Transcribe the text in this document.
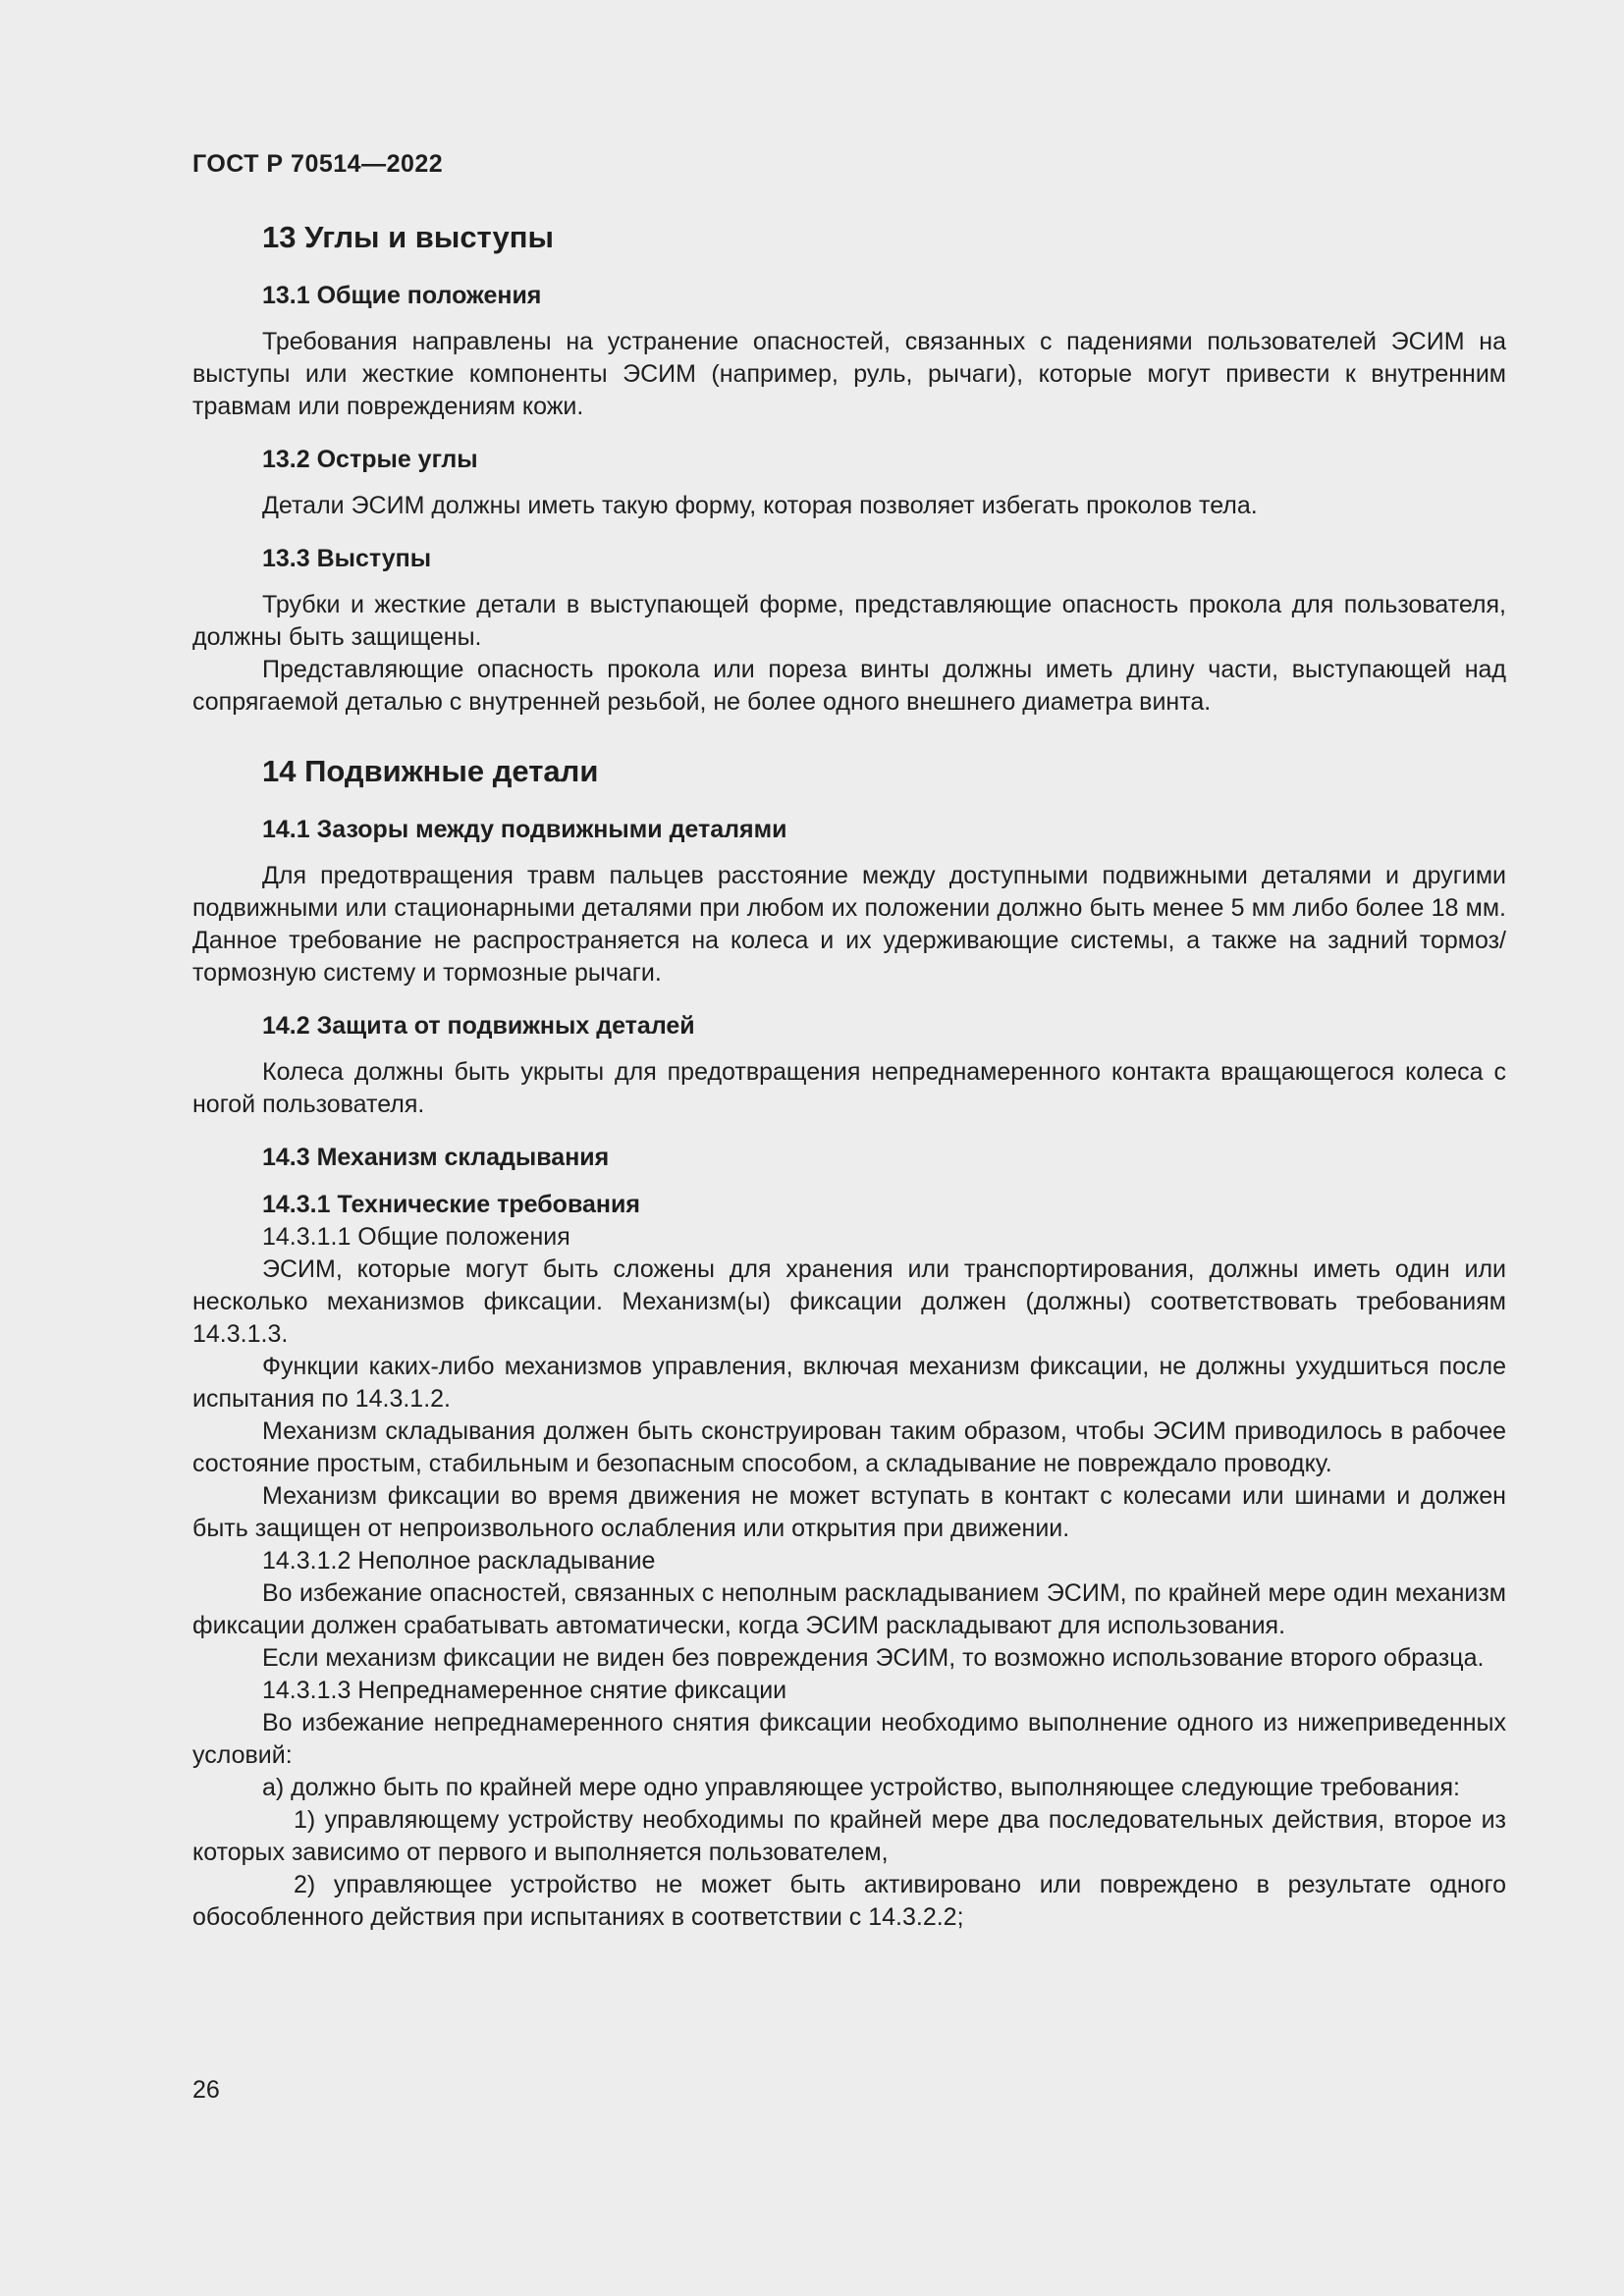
ГОСТ Р 70514—2022
13 Углы и выступы
13.1 Общие положения

Требования направлены на устранение опасностей, связанных с падениями пользователей ЭСИМ на выступы или жесткие компоненты ЭСИМ (например, руль, рычаги), которые могут привести к внутренним травмам или повреждениям кожи.

13.2 Острые углы

Детали ЭСИМ должны иметь такую форму, которая позволяет избегать проколов тела.

13.3 Выступы

Трубки и жесткие детали в выступающей форме, представляющие опасность прокола для пользователя, должны быть защищены.

Представляющие опасность прокола или пореза винты должны иметь длину части, выступающей над сопрягаемой деталью с внутренней резьбой, не более одного внешнего диаметра винта.

14 Подвижные детали
14.1 Зазоры между подвижными деталями

Для предотвращения травм пальцев расстояние между доступными подвижными деталями и другими подвижными или стационарными деталями при любом их положении должно быть менее 5 мм либо более 18 мм. Данное требование не распространяется на колеса и их удерживающие системы, а также на задний тормоз/тормозную систему и тормозные рычаги.

14.2 Защита от подвижных деталей

Колеса должны быть укрыты для предотвращения непреднамеренного контакта вращающегося колеса с ногой пользователя.

14.3 Механизм складывания
14.3.1 Технические требования

14.3.1.1 Общие положения

ЭСИМ, которые могут быть сложены для хранения или транспортирования, должны иметь один или несколько механизмов фиксации. Механизм(ы) фиксации должен (должны) соответствовать требованиям 14.3.1.3.

Функции каких-либо механизмов управления, включая механизм фиксации, не должны ухудшиться после испытания по 14.3.1.2.

Механизм складывания должен быть сконструирован таким образом, чтобы ЭСИМ приводилось в рабочее состояние простым, стабильным и безопасным способом, а складывание не повреждало проводку.

Механизм фиксации во время движения не может вступать в контакт с колесами или шинами и должен быть защищен от непроизвольного ослабления или открытия при движении.

14.3.1.2 Неполное раскладывание

Во избежание опасностей, связанных с неполным раскладыванием ЭСИМ, по крайней мере один механизм фиксации должен срабатывать автоматически, когда ЭСИМ раскладывают для использования.

Если механизм фиксации не виден без повреждения ЭСИМ, то возможно использование второго образца.

14.3.1.3 Непреднамеренное снятие фиксации

Во избежание непреднамеренного снятия фиксации необходимо выполнение одного из нижеприведенных условий:

a) должно быть по крайней мере одно управляющее устройство, выполняющее следующие требования:

1) управляющему устройству необходимы по крайней мере два последовательных действия, второе из которых зависимо от первого и выполняется пользователем,

2) управляющее устройство не может быть активировано или повреждено в результате одного обособленного действия при испытаниях в соответствии с 14.3.2.2;

26
